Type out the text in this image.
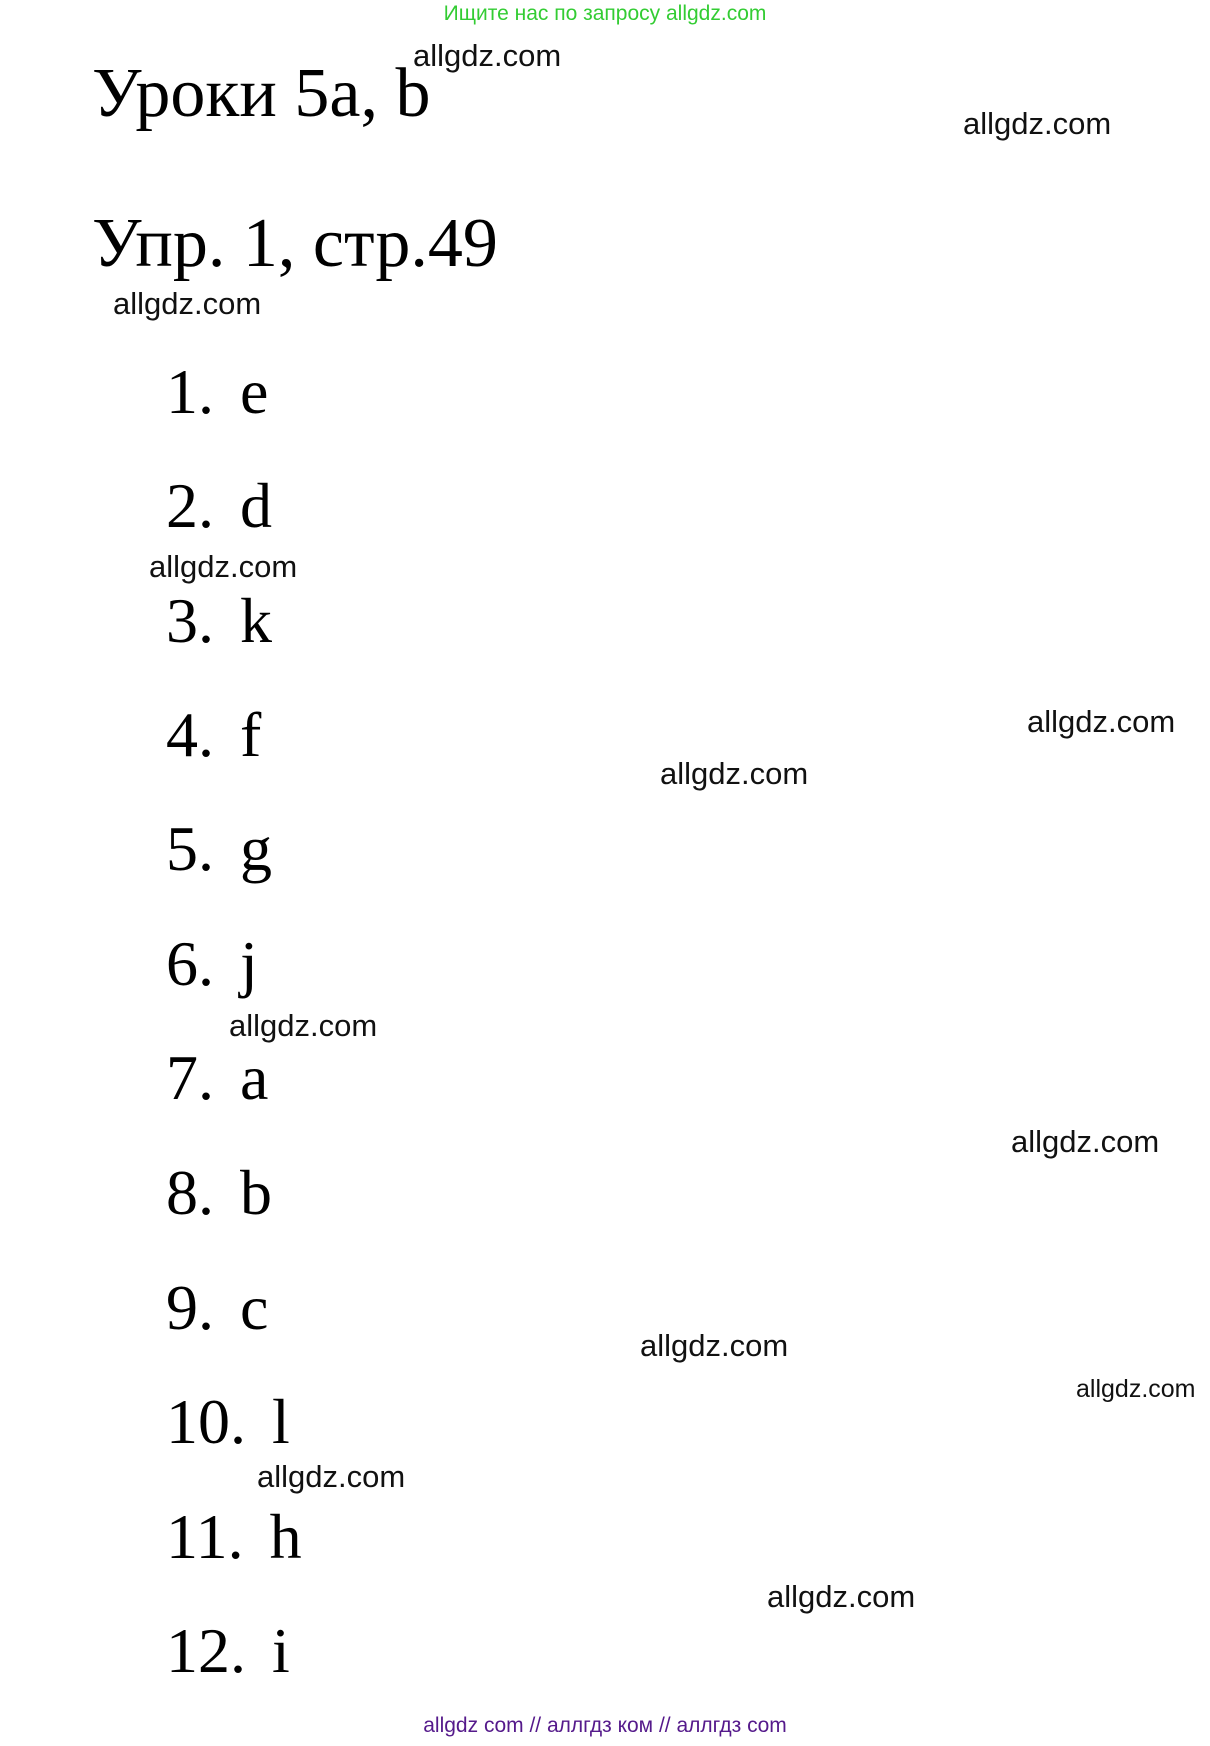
Ищите нас по запросу allgdz.com
Уроки 5a, b
Упр. 1, стр.49
1. e
2. d
3. k
4. f
5. g
6. j
7. a
8. b
9. c
10. l
11. h
12. i
allgdz.com
allgdz.com
allgdz.com
allgdz.com
allgdz.com
allgdz.com
allgdz.com
allgdz.com
allgdz.com
allgdz.com
allgdz.com
allgdz.com
allgdz com // аллгдз ком // аллгдз com
